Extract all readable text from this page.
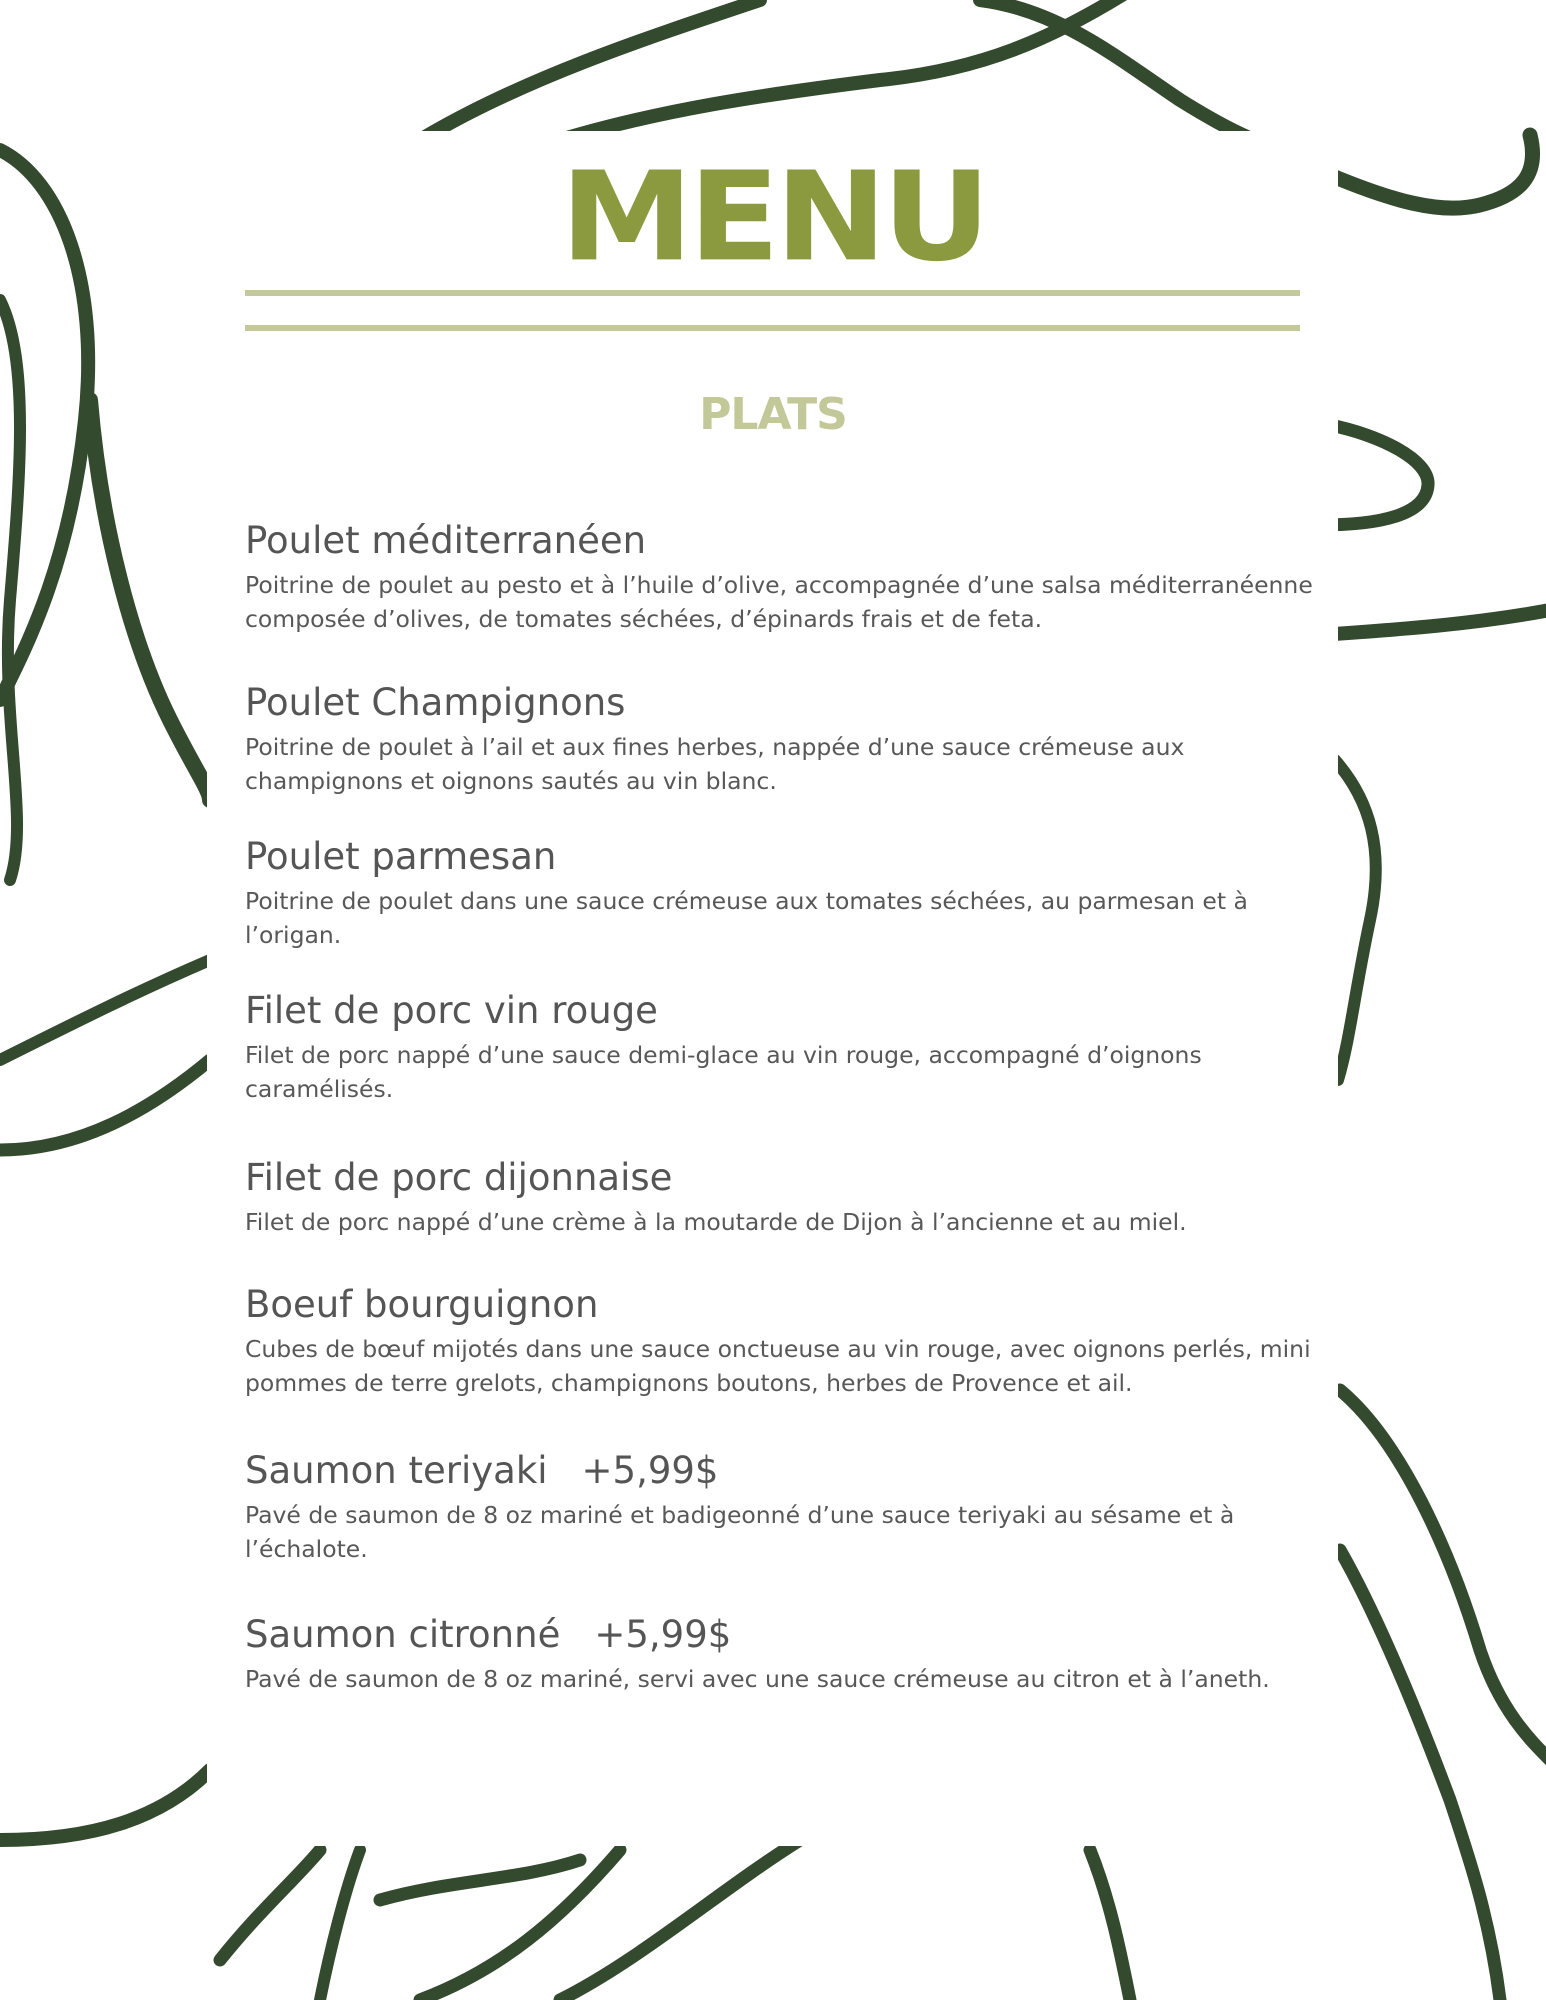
MENU
PLATS
Poulet méditerranéen
Poitrine de poulet au pesto et à l’huile d’olive, accompagnée d’une salsa méditerranéenne composée d’olives, de tomates séchées, d’épinards frais et de feta.
Poulet Champignons
Poitrine de poulet à l’ail et aux fines herbes, nappée d’une sauce crémeuse aux champignons et oignons sautés au vin blanc.
Poulet parmesan
Poitrine de poulet dans une sauce crémeuse aux tomates séchées, au parmesan et à l’origan.
Filet de porc vin rouge
Filet de porc nappé d’une sauce demi-glace au vin rouge, accompagné d’oignons caramélisés.
Filet de porc dijonnaise
Filet de porc nappé d’une crème à la moutarde de Dijon à l’ancienne et au miel.
Boeuf bourguignon
Cubes de bœuf mijotés dans une sauce onctueuse au vin rouge, avec oignons perlés, mini pommes de terre grelots, champignons boutons, herbes de Provence et ail.
Saumon teriyaki +5,99$
Pavé de saumon de 8 oz mariné et badigeonné d’une sauce teriyaki au sésame et à l’échalote.
Saumon citronné +5,99$
Pavé de saumon de 8 oz mariné, servi avec une sauce crémeuse au citron et à l’aneth.
